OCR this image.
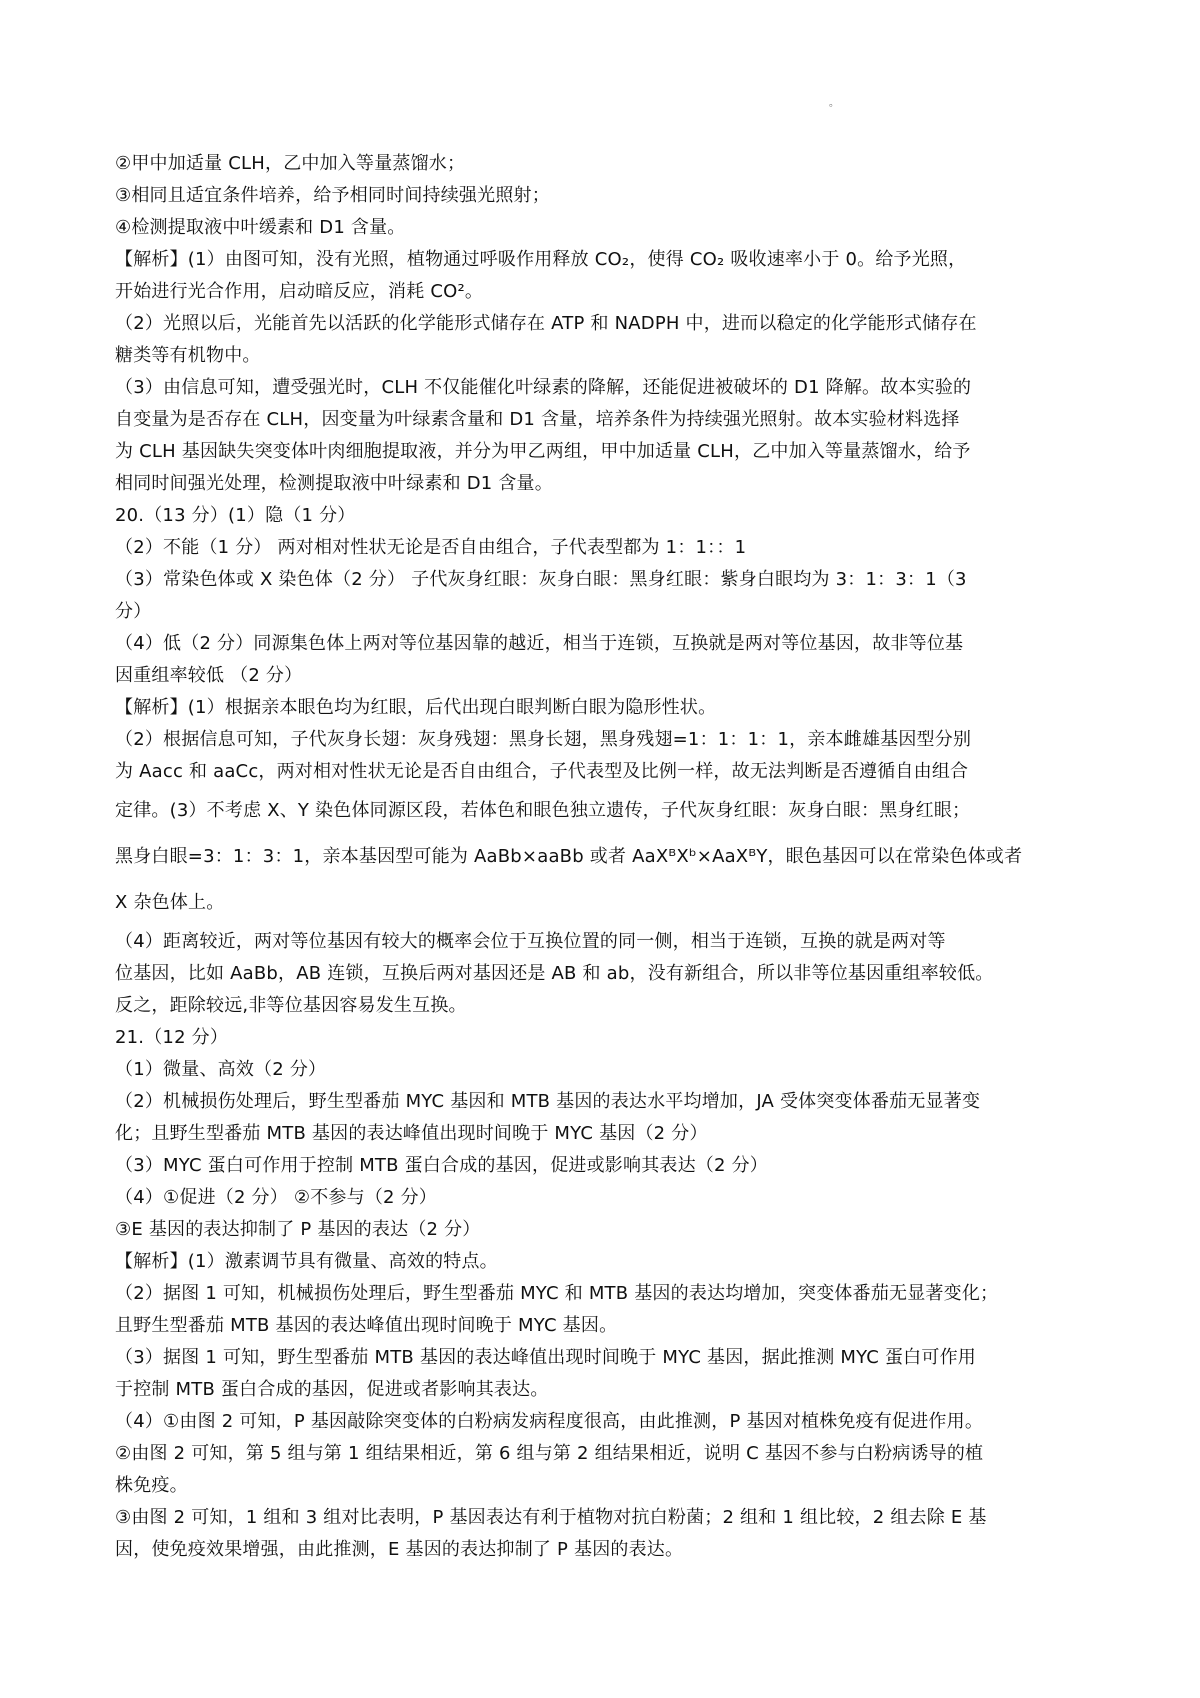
。

②甲中加适量 CLH，乙中加入等量蒸馏水；

③相同且适宜条件培养，给予相同时间持续强光照射；

④检测提取液中叶缓素和 D1 含量。

【解析】(1）由图可知，没有光照，植物通过呼吸作用释放 CO₂，使得 CO₂ 吸收速率小于 0。给予光照，

开始进行光合作用，启动暗反应，消耗 CO²。

（2）光照以后，光能首先以活跃的化学能形式储存在 ATP 和 NADPH 中，进而以稳定的化学能形式储存在

糖类等有机物中。

（3）由信息可知，遭受强光时，CLH 不仅能催化叶绿素的降解，还能促进被破坏的 D1 降解。故本实验的

自变量为是否存在 CLH，因变量为叶绿素含量和 D1 含量，培养条件为持续强光照射。故本实验材料选择

为 CLH 基因缺失突变体叶肉细胞提取液，并分为甲乙两组，甲中加适量 CLH，乙中加入等量蒸馏水，给予

相同时间强光处理，检测提取液中叶绿素和 D1 含量。

20.（13 分）(1）隐（1 分）

（2）不能（1 分） 两对相对性状无论是否自由组合，子代表型都为 1：1：：1

（3）常染色体或 X 染色体（2 分） 子代灰身红眼：灰身白眼：黑身红眼：紫身白眼均为 3：1：3：1（3

分）

（4）低（2 分）同源集色体上两对等位基因靠的越近，相当于连锁，互换就是两对等位基因，故非等位基

因重组率较低 （2 分）

【解析】(1）根据亲本眼色均为红眼，后代出现白眼判断白眼为隐形性状。

（2）根据信息可知，子代灰身长翅：灰身残翅：黑身长翅，黑身残翅=1：1：1：1，亲本雌雄基因型分别

为 Aacc 和 aaCc，两对相对性状无论是否自由组合，子代表型及比例一样，故无法判断是否遵循自由组合

定律。(3）不考虑 X、Y 染色体同源区段，若体色和眼色独立遗传，子代灰身红眼：灰身白眼：黑身红眼；

黑身白眼=3：1：3：1，亲本基因型可能为 AaBb×aaBb 或者 AaXᴮXᵇ×AaXᴮY，眼色基因可以在常染色体或者

X 杂色体上。

（4）距离较近，两对等位基因有较大的概率会位于互换位置的同一侧，相当于连锁，互换的就是两对等

位基因，比如 AaBb，AB 连锁，互换后两对基因还是 AB 和 ab，没有新组合，所以非等位基因重组率较低。

反之，距除较远,非等位基因容易发生互换。

21.（12 分）

（1）微量、高效（2 分）

（2）机械损伤处理后，野生型番茄 MYC 基因和 MTB 基因的表达水平均增加，JA 受体突变体番茄无显著变

化；且野生型番茄 MTB 基因的表达峰值出现时间晚于 MYC 基因（2 分）

（3）MYC 蛋白可作用于控制 MTB 蛋白合成的基因，促进或影响其表达（2 分）

（4）①促进（2 分） ②不参与（2 分）

③E 基因的表达抑制了 P 基因的表达（2 分）

【解析】(1）激素调节具有微量、高效的特点。

（2）据图 1 可知，机械损伤处理后，野生型番茄 MYC 和 MTB 基因的表达均增加，突变体番茄无显著变化；

且野生型番茄 MTB 基因的表达峰值出现时间晚于 MYC 基因。

（3）据图 1 可知，野生型番茄 MTB 基因的表达峰值出现时间晚于 MYC 基因，据此推测 MYC 蛋白可作用

于控制 MTB 蛋白合成的基因，促进或者影响其表达。

（4）①由图 2 可知，P 基因敲除突变体的白粉病发病程度很高，由此推测，P 基因对植株免疫有促进作用。

②由图 2 可知，第 5 组与第 1 组结果相近，第 6 组与第 2 组结果相近，说明 C 基因不参与白粉病诱导的植

株免疫。

③由图 2 可知，1 组和 3 组对比表明，P 基因表达有利于植物对抗白粉菌；2 组和 1 组比较，2 组去除 E 基

因，使免疫效果增强，由此推测，E 基因的表达抑制了 P 基因的表达。
